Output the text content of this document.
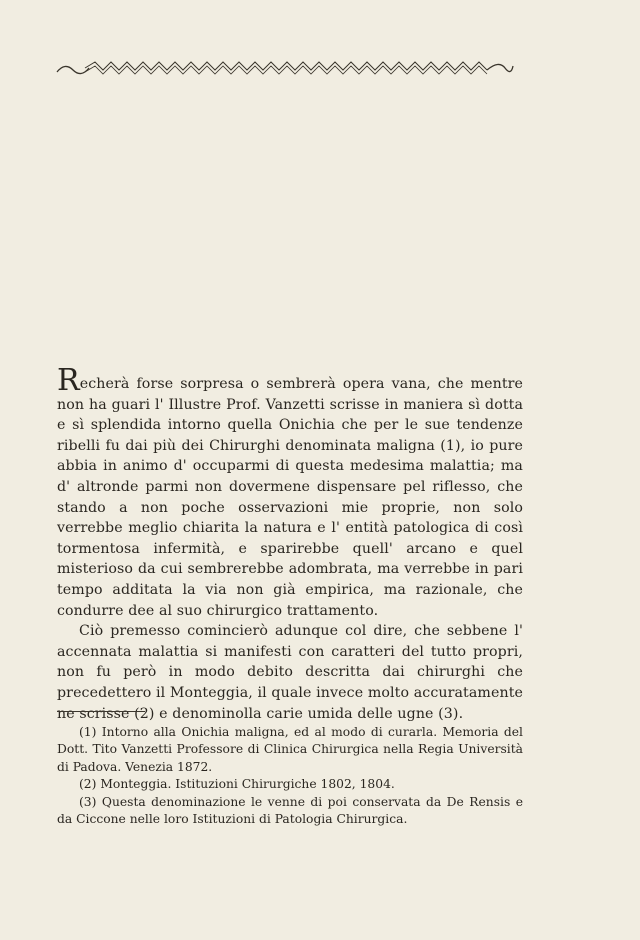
Recherà forse sorpresa o sembrerà opera vana, che mentre non ha guari l' Illustre Prof. Vanzetti scrisse in maniera sì dotta e sì splendida intorno quella Onichia che per le sue tendenze ribelli fu dai più dei Chirurghi denominata maligna (1), io pure abbia in animo d' occuparmi di questa medesima malattia; ma d' altronde parmi non dovermene dispensare pel riflesso, che stando a non poche osservazioni mie proprie, non solo verrebbe meglio chiarita la natura e l' entità patologica di così tormentosa infermità, e sparirebbe quell' arcano e quel misterioso da cui sembrerebbe adombrata, ma verrebbe in pari tempo additata la via non già empirica, ma razionale, che condurre dee al suo chirurgico trattamento.

Ciò premesso comincierò adunque col dire, che sebbene l' accennata malattia si manifesti con caratteri del tutto propri, non fu però in modo debito descritta dai chirurghi che precedettero il Monteggia, il quale invece molto accuratamente ne scrisse (2) e denominolla carie umida delle ugne (3).

(1) Intorno alla Onichia maligna, ed al modo di curarla. Memoria del Dott. Tito Vanzetti Professore di Clinica Chirurgica nella Regia Università di Padova. Venezia 1872.

(2) Monteggia. Istituzioni Chirurgiche 1802, 1804.

(3) Questa denominazione le venne di poi conservata da De Rensis e da Ciccone nelle loro Istituzioni di Patologia Chirurgica.
